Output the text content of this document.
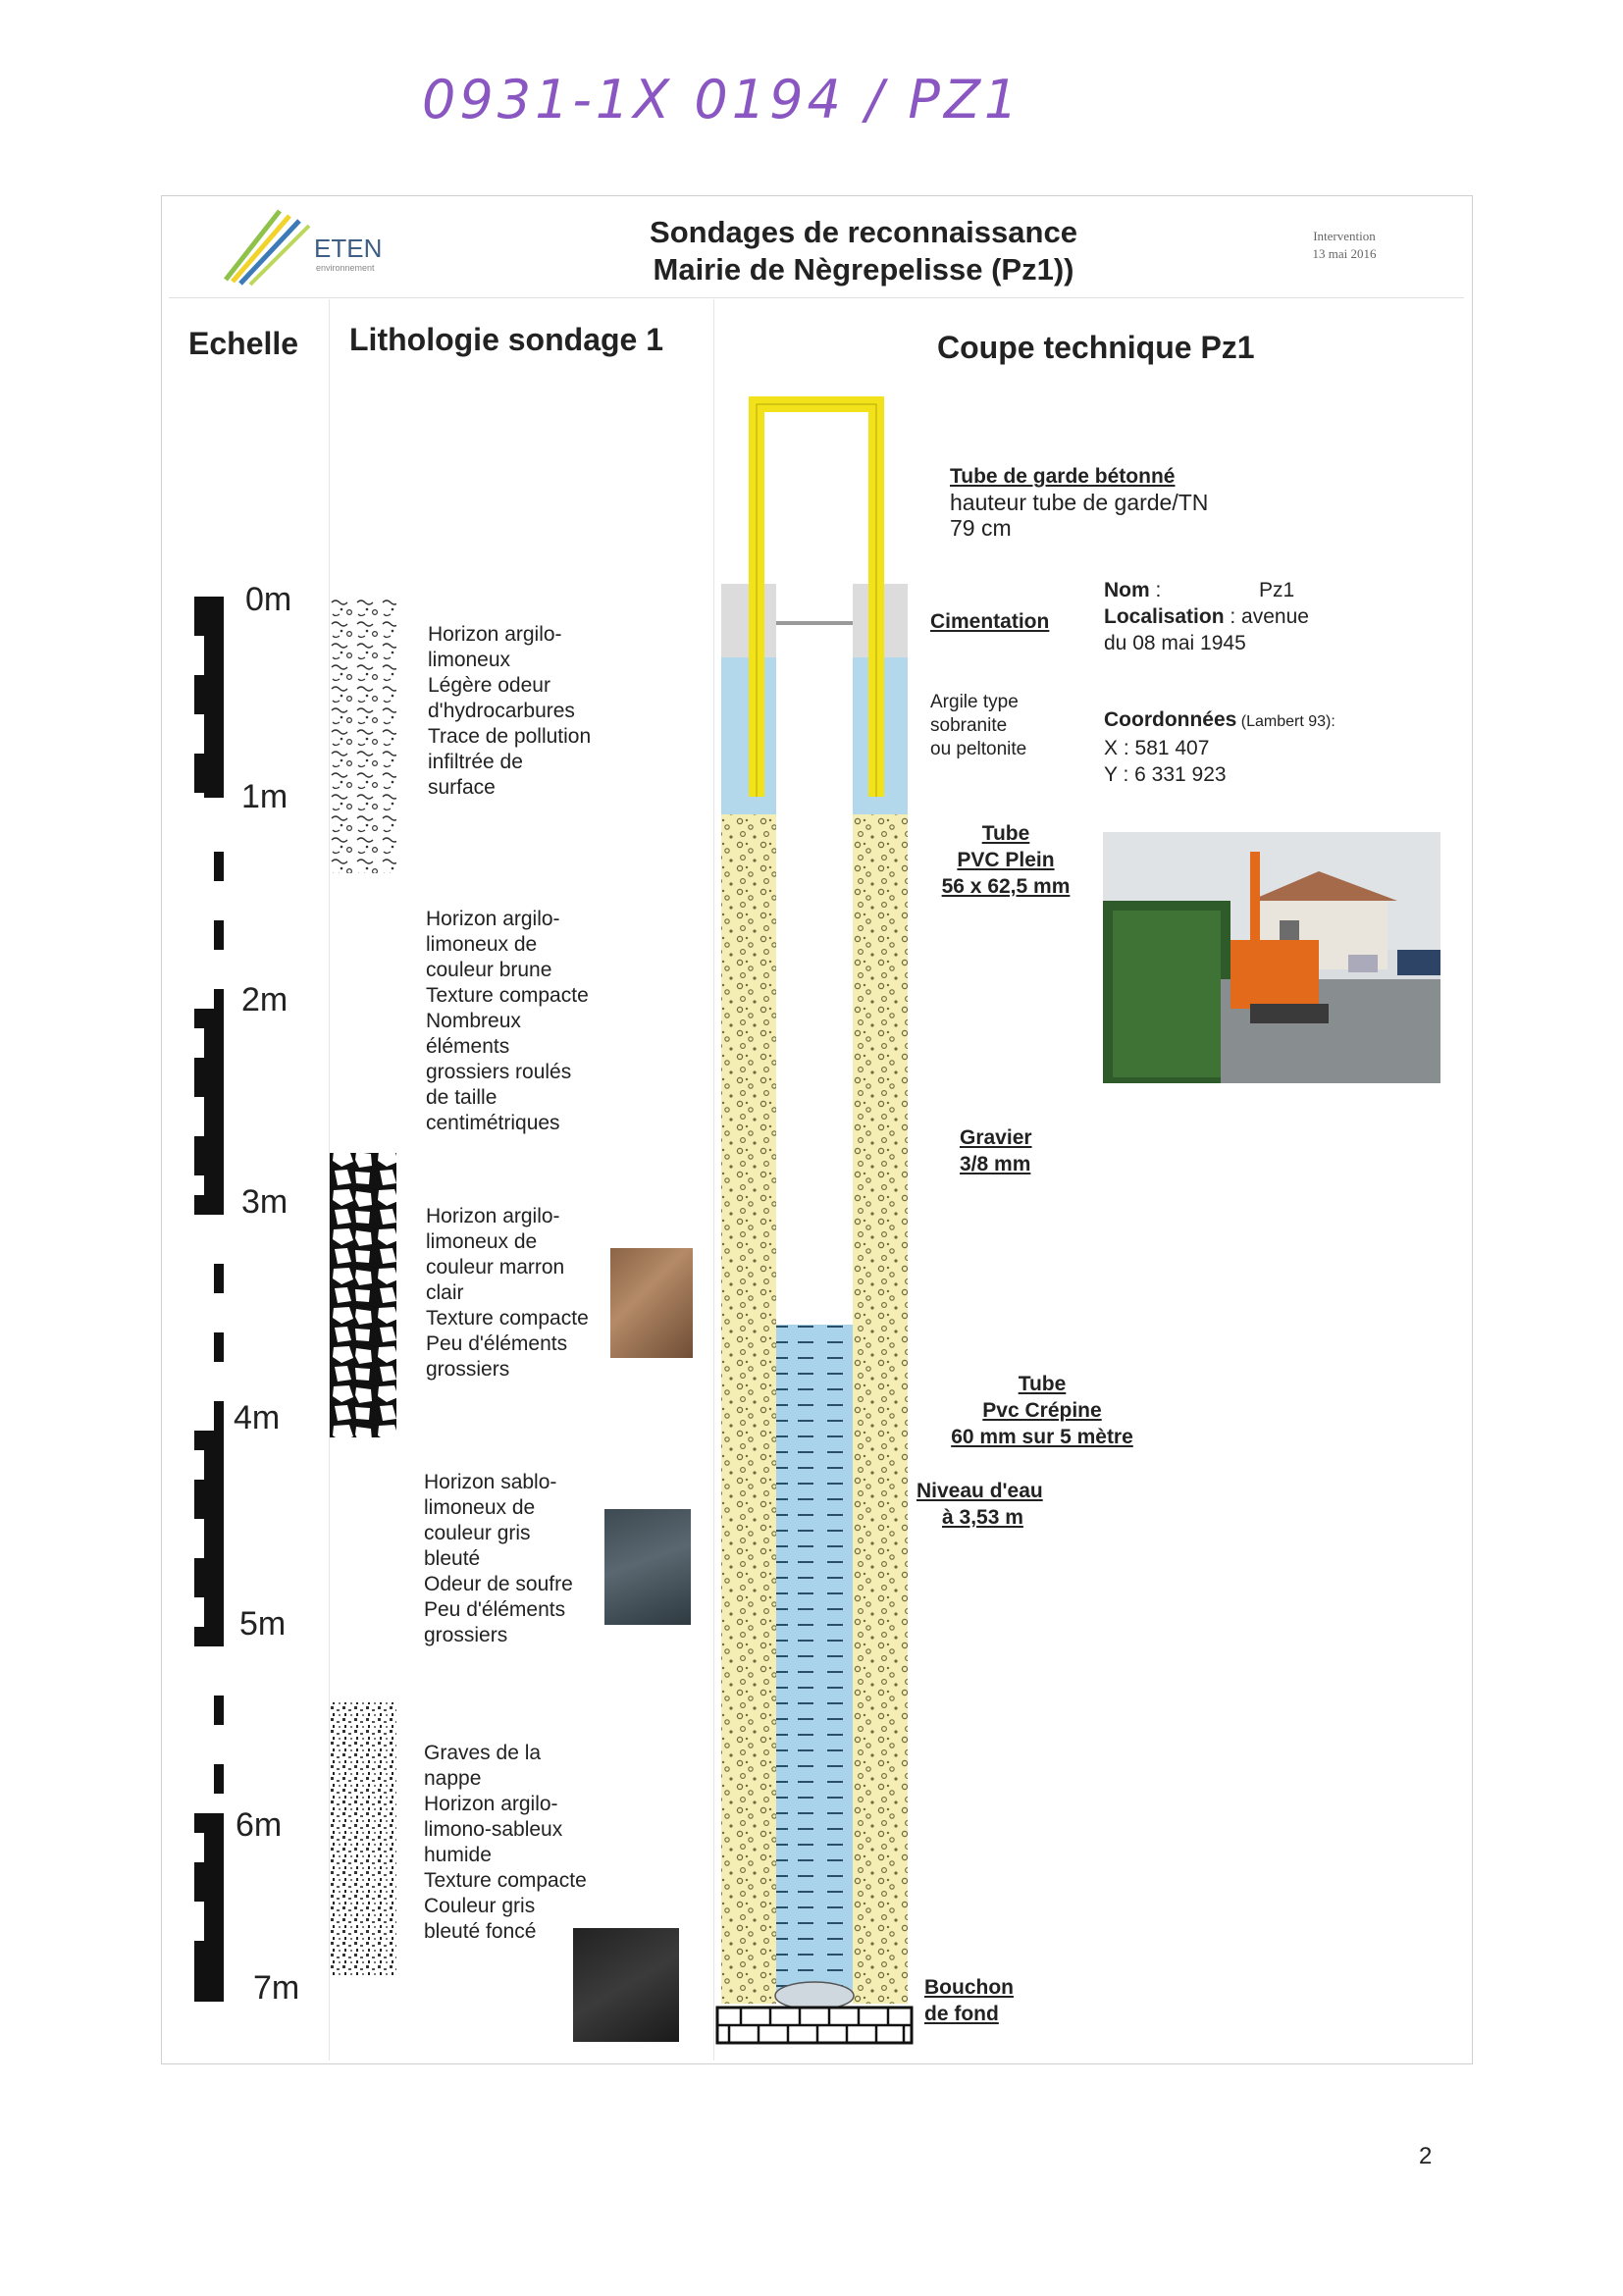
0931-1X 0194 / PZ1
ETEN
environnement
Sondages de reconnaissance
Mairie de Nègrepelisse (Pz1))
Intervention
13 mai 2016
Echelle Lithologie sondage 1	Coupe technique Pz1
0m
1m
2m
3m
4m
5m
6m
7m
Horizon argilo-
limoneux
Légère odeur
d'hydrocarbures
Trace de pollution
infiltrée de
surface
Horizon argilo-
limoneux de
couleur brune
Texture compacte
Nombreux
éléments
grossiers roulés
de taille
centimétriques
Horizon argilo-
limoneux de
couleur marron
clair
Texture compacte
Peu d'éléments
grossiers
Horizon sablo-
limoneux de
couleur gris
bleuté
Odeur de soufre
Peu d'éléments
grossiers
Graves de la
nappe
Horizon argilo-
limono-sableux
humide
Texture compacte
Couleur gris
bleuté foncé
Tube de garde bétonné
hauteur tube de garde/TN
79 cm
Cimentation
Argile type
sobranite
ou peltonite
Tube
PVC Plein
56 x 62,5 mm
Gravier
3/8 mm
Tube
Pvc Crépine
60 mm sur 5 mètre
Niveau d'eau
à 3,53 m
Bouchon
de fond
Nom :	Pz1
Localisation : avenue
du 08 mai 1945
Coordonnées (Lambert 93):
X : 581 407
Y : 6 331 923
2
